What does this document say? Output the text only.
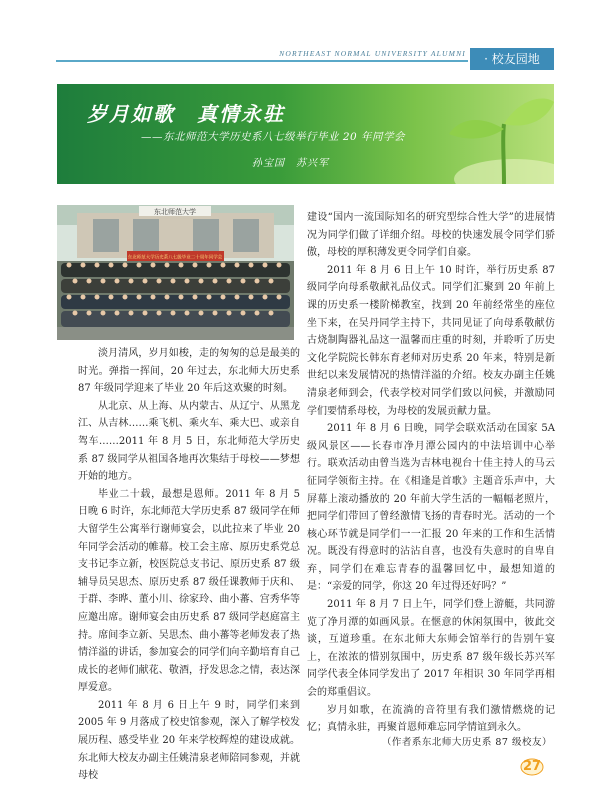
NORTHEAST NORMAL UNIVERSITY ALUMNI	· 校友园地
岁月如歌　真情永驻
——东北师范大学历史系八七级举行毕业 20 年同学会
孙宝国　苏兴军
东北师范大学
东北师范大学历史系八七级毕业二十周年同学会

淡月清风，岁月如梭，走的匆匆的总是最美的时光。弹指一挥间，20 年过去，东北师大历史系 87 年级同学迎来了毕业 20 年后这欢聚的时刻。

从北京、从上海、从内蒙古、从辽宁、从黑龙江、从吉林……乘飞机、乘火车、乘大巴、或亲自驾车……2011 年 8 月 5 日，东北师范大学历史系 87 级同学从祖国各地再次集结于母校——梦想开始的地方。

毕业二十载，最想是恩师。2011 年 8 月 5 日晚 6 时许，东北师范大学历史系 87 级同学在师大留学生公寓举行谢师宴会，以此拉来了毕业 20 年同学会活动的帷幕。校工会主席、原历史系党总支书记李立新，校医院总支书记、原历史系 87 级辅导员吴思杰、原历史系 87 级任课教师于庆和、于群、李晔、董小川、徐家玲、曲小蕃、宫秀华等应邀出席。谢师宴会由历史系 87 级同学赵庭富主持。席间李立新、吴思杰、曲小蕃等老师发表了热情洋溢的讲话，参加宴会的同学们向辛勤培育自己成长的老师们献花、敬酒，抒发思念之情，表达深厚爱意。

2011 年 8 月 6 日上午 9 时，同学们来到 2005 年 9 月落成了校史馆参观，深入了解学校发展历程、感受毕业 20 年来学校辉煌的建设成就。东北师大校友办副主任姚清泉老师陪同参观，并就母校

建设“国内一流国际知名的研究型综合性大学”的进展情况为同学们做了详细介绍。母校的快速发展令同学们骄傲，母校的厚积薄发更令同学们自豪。

2011 年 8 月 6 日上午 10 时许，举行历史系 87 级同学向母系敬献礼品仪式。同学们汇聚到 20 年前上课的历史系一楼阶梯教室，找到 20 年前经常坐的座位坐下来，在吴丹同学主持下，共同见证了向母系敬献仿古烧制陶器礼品这一温馨而庄重的时刻，并聆听了历史文化学院院长韩东育老师对历史系 20 年来，特别是新世纪以来发展情况的热情洋溢的介绍。校友办副主任姚清泉老师到会，代表学校对同学们致以问候，并激励同学们要情系母校，为母校的发展贡献力量。

2011 年 8 月 6 日晚，同学会联欢活动在国家 5A 级风景区——长春市净月潭公园内的中法培训中心举行。联欢活动由曾当选为吉林电视台十佳主持人的马云征同学领衔主持。在《相逢是首歌》主题音乐声中，大屏幕上滚动播放的 20 年前大学生活的一幅幅老照片，把同学们带回了曾经激情飞扬的青春时光。活动的一个核心环节就是同学们一一汇报 20 年来的工作和生活情况。既没有得意时的沾沾自喜，也没有失意时的自卑自弃，同学们在难忘青春的温馨回忆中，最想知道的是：“亲爱的同学，你这 20 年过得还好吗？”

2011 年 8 月 7 日上午，同学们登上游艇，共同游览了净月潭的如画风景。在惬意的休闲氛围中，彼此交谈，互道珍重。在东北师大东师会馆举行的告别午宴上，在浓浓的惜别氛围中，历史系 87 级年级长苏兴军同学代表全体同学发出了 2017 年相识 30 年同学再相会的郑重倡议。

岁月如歌，在流淌的音符里有我们激情燃烧的记忆；真情永驻，再聚首恩师难忘同学情谊到永久。

（作者系东北师大历史系 87 级校友）
27
